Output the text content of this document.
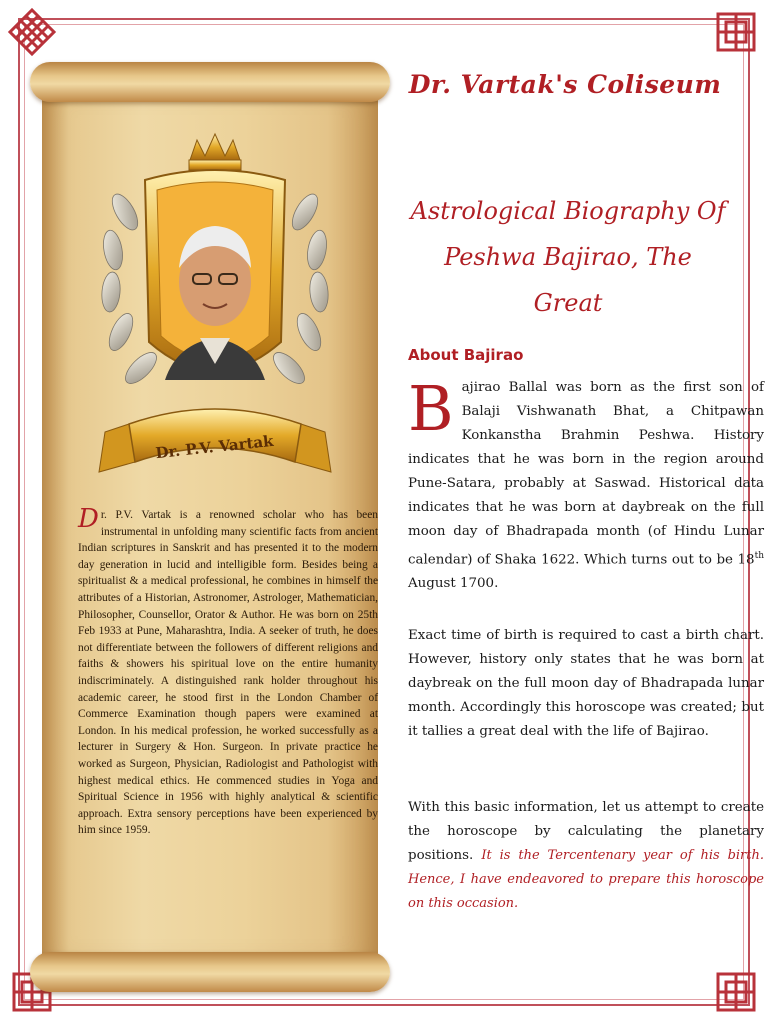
Dr. P.V. Vartak
Dr. P.V. Vartak is a renowned scholar who has been instrumental in unfolding many scientific facts from ancient Indian scriptures in Sanskrit and has presented it to the modern day generation in lucid and intelligible form. Besides being a spiritualist & a medical professional, he combines in himself the attributes of a Historian, Astronomer, Astrologer, Mathematician, Philosopher, Counsellor, Orator & Author. He was born on 25th Feb 1933 at Pune, Maharashtra, India. A seeker of truth, he does not differentiate between the followers of different religions and faiths & showers his spiritual love on the entire humanity indiscriminately. A distinguished rank holder throughout his academic career, he stood first in the London Chamber of Commerce Examination though papers were examined at London. In his medical profession, he worked successfully as a lecturer in Surgery & Hon. Surgeon. In private practice he worked as Surgeon, Physician, Radiologist and Pathologist with highest medical ethics. He commenced studies in Yoga and Spiritual Science in 1956 with highly analytical & scientific approach. Extra sensory perceptions have been experienced by him since 1959.
Dr. Vartak's Coliseum
Astrological Biography Of
Peshwa Bajirao, The
Great
About Bajirao
Bajirao Ballal was born as the first son of Balaji Vishwanath Bhat, a Chitpawan Konkanstha Brahmin Peshwa. History indicates that he was born in the region around Pune-Satara, probably at Saswad. Historical data indicates that he was born at daybreak on the full moon day of Bhadrapada month (of Hindu Lunar calendar) of Shaka 1622. Which turns out to be 18th August 1700.
Exact time of birth is required to cast a birth chart. However, history only states that he was born at daybreak on the full moon day of Bhadrapada lunar month. Accordingly this horoscope was created; but it tallies a great deal with the life of Bajirao.
With this basic information, let us attempt to create the horoscope by calculating the planetary positions. It is the Tercentenary year of his birth. Hence, I have endeavored to prepare this horoscope on this occasion.
